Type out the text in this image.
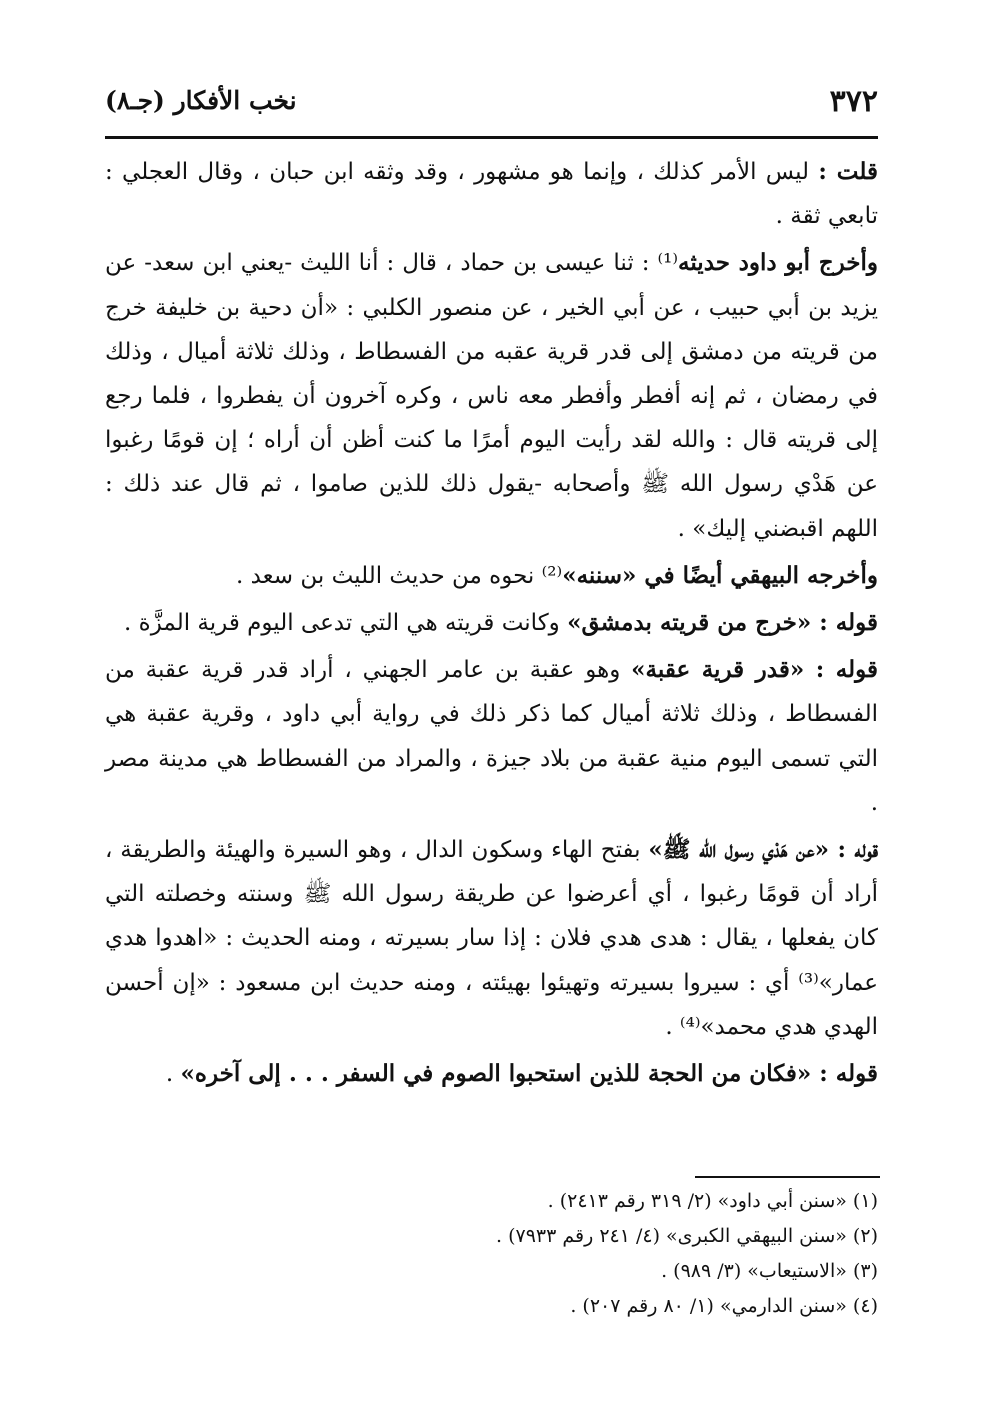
٣٧٢
نخب الأفكار (جـ٨)

قلت : ليس الأمر كذلك ، وإنما هو مشهور ، وقد وثقه ابن حبان ، وقال العجلي : تابعي ثقة .

وأخرج أبو داود حديثه⁽¹⁾ : ثنا عيسى بن حماد ، قال : أنا الليث -يعني ابن سعد- عن يزيد بن أبي حبيب ، عن أبي الخير ، عن منصور الكلبي : «أن دحية بن خليفة خرج من قريته من دمشق إلى قدر قرية عقبه من الفسطاط ، وذلك ثلاثة أميال ، وذلك في رمضان ، ثم إنه أفطر وأفطر معه ناس ، وكره آخرون أن يفطروا ، فلما رجع إلى قريته قال : والله لقد رأيت اليوم أمرًا ما كنت أظن أن أراه ؛ إن قومًا رغبوا عن هَدْي رسول الله ﷺ وأصحابه -يقول ذلك للذين صاموا ، ثم قال عند ذلك : اللهم اقبضني إليك» .

وأخرجه البيهقي أيضًا في «سننه»⁽²⁾ نحوه من حديث الليث بن سعد .

قوله : «خرج من قريته بدمشق» وكانت قريته هي التي تدعى اليوم قرية المزَّة .

قوله : «قدر قرية عقبة» وهو عقبة بن عامر الجهني ، أراد قدر قرية عقبة من الفسطاط ، وذلك ثلاثة أميال كما ذكر ذلك في رواية أبي داود ، وقرية عقبة هي التي تسمى اليوم منية عقبة من بلاد جيزة ، والمراد من الفسطاط هي مدينة مصر .

قوله : «عن هَدْي رسول الله ﷺ» بفتح الهاء وسكون الدال ، وهو السيرة والهيئة والطريقة ، أراد أن قومًا رغبوا ، أي أعرضوا عن طريقة رسول الله ﷺ وسنته وخصلته التي كان يفعلها ، يقال : هدى هدي فلان : إذا سار بسيرته ، ومنه الحديث : «اهدوا هدي عمار»⁽³⁾ أي : سيروا بسيرته وتهيئوا بهيئته ، ومنه حديث ابن مسعود : «إن أحسن الهدي هدي محمد»⁽⁴⁾ .

قوله : «فكان من الحجة للذين استحبوا الصوم في السفر . . . إلى آخره» .

(١) «سنن أبي داود» (٢/ ٣١٩ رقم ٢٤١٣) .
(٢) «سنن البيهقي الكبرى» (٤/ ٢٤١ رقم ٧٩٣٣) .
(٣) «الاستيعاب» (٣/ ٩٨٩) .
(٤) «سنن الدارمي» (١/ ٨٠ رقم ٢٠٧) .
